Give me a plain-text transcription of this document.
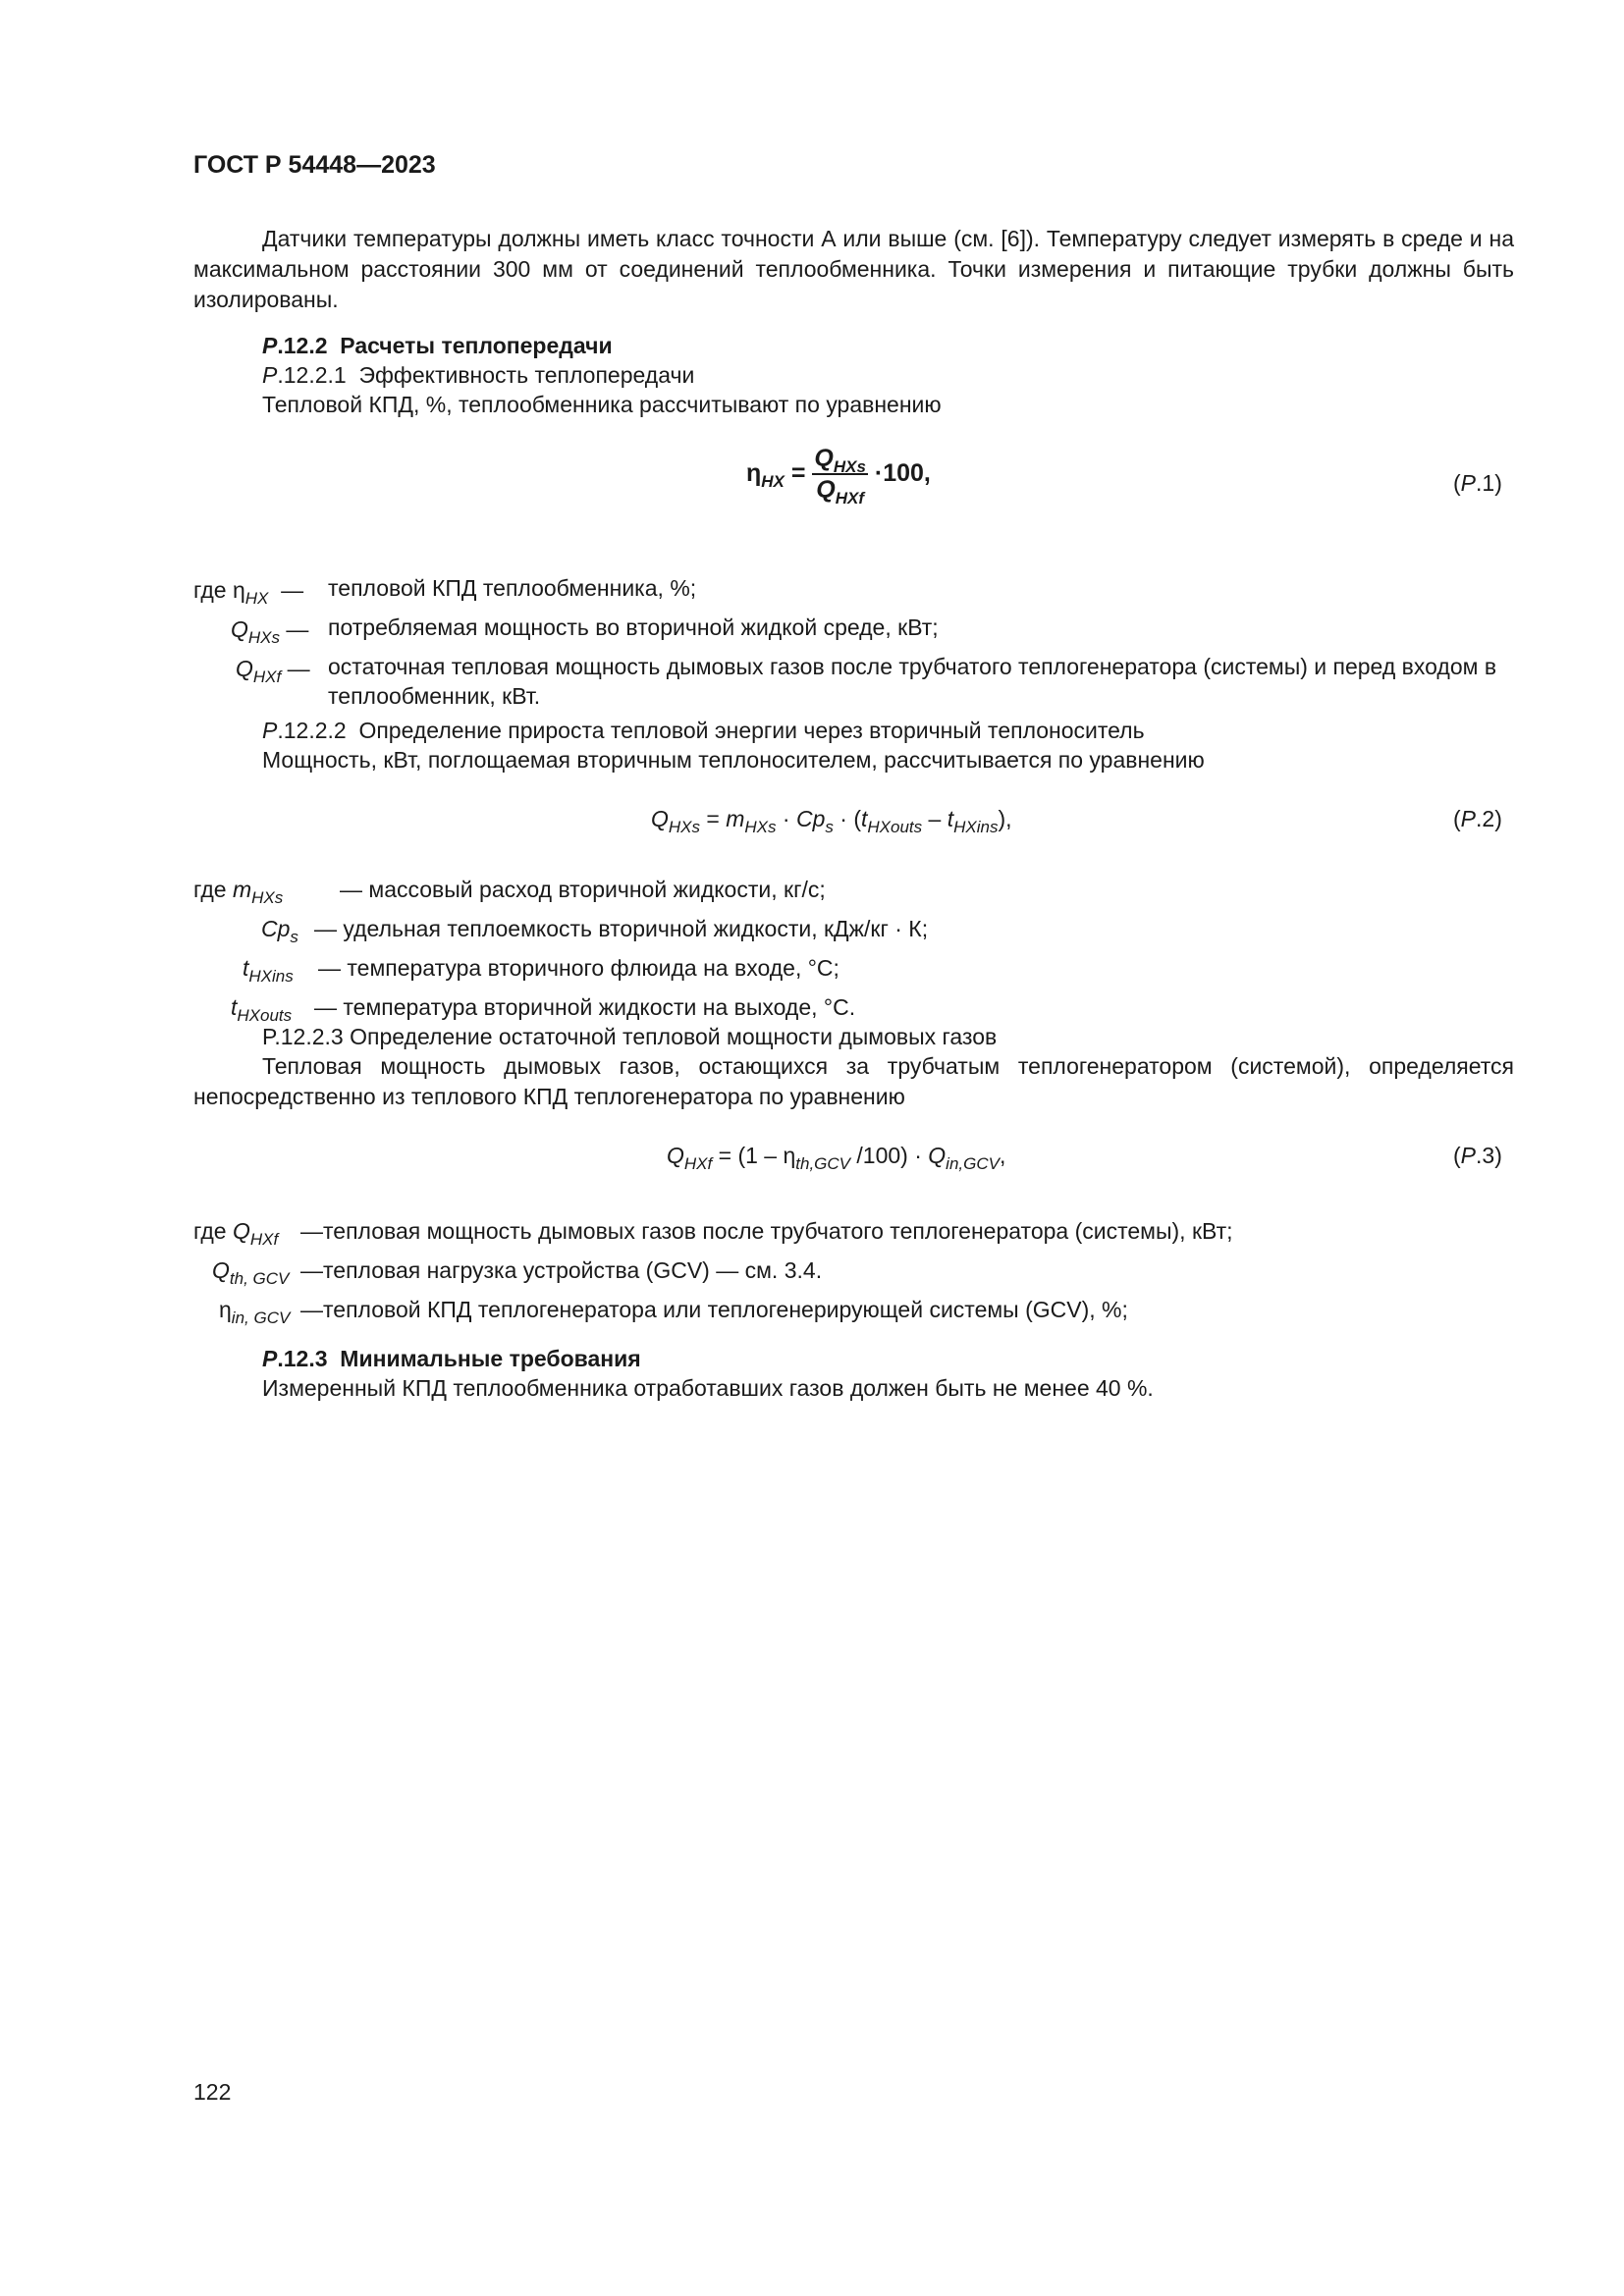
ГОСТ Р 54448—2023
Датчики температуры должны иметь класс точности А или выше (см. [6]). Температуру следует измерять в среде и на максимальном расстоянии 300 мм от соединений теплообменника. Точки измерения и питающие трубки должны быть изолированы.
P.12.2  Расчеты теплопередачи
P.12.2.1  Эффективность теплопередачи
Тепловой КПД, %, теплообменника рассчитывают по уравнению
$\eta_{HX} = \frac{Q_{HXs}}{Q_{HXf}} \cdot 100$,	(P.1)
где $\eta_{HX}$  — тепловой КПД теплообменника, %;
$Q_{HXs}$ — потребляемая мощность во вторичной жидкой среде, кВт;
$Q_{HXf}$ — остаточная тепловая мощность дымовых газов после трубчатого теплогенератора (системы) и перед входом в теплообменник, кВт.
P.12.2.2  Определение прироста тепловой энергии через вторичный теплоноситель
Мощность, кВт, поглощаемая вторичным теплоносителем, рассчитывается по уравнению
$Q_{HXs} = m_{HXs} \cdot Cp_s \cdot (t_{HXouts} - t_{HXins})$,	(P.2)
где $m_{HXs}$	— массовый расход вторичной жидкости, кг/с;
$Cp_s$ — удельная теплоемкость вторичной жидкости, кДж/кг · К;
$t_{HXins}$ — температура вторичного флюида на входе, °С;
$t_{HXouts}$ — температура вторичной жидкости на выходе, °С.
P.12.2.3 Определение остаточной тепловой мощности дымовых газов
Тепловая мощность дымовых газов, остающихся за трубчатым теплогенератором (системой), определяется непосредственно из теплового КПД теплогенератора по уравнению
$Q_{HXf} = (1 - \eta_{th,GCV}$ $/100) \cdot Q_{in,GCV}$,	(P.3)
где $Q_{HXf}$ —тепловая мощность дымовых газов после трубчатого теплогенератора (системы), кВт;
$Q_{th, GCV}$ —тепловая нагрузка устройства (GCV) — см. 3.4.
$\eta_{in, GCV}$ —тепловой КПД теплогенератора или теплогенерирующей системы (GCV), %;
P.12.3  Минимальные требования
Измеренный КПД теплообменника отработавших газов должен быть не менее 40 %.
122
